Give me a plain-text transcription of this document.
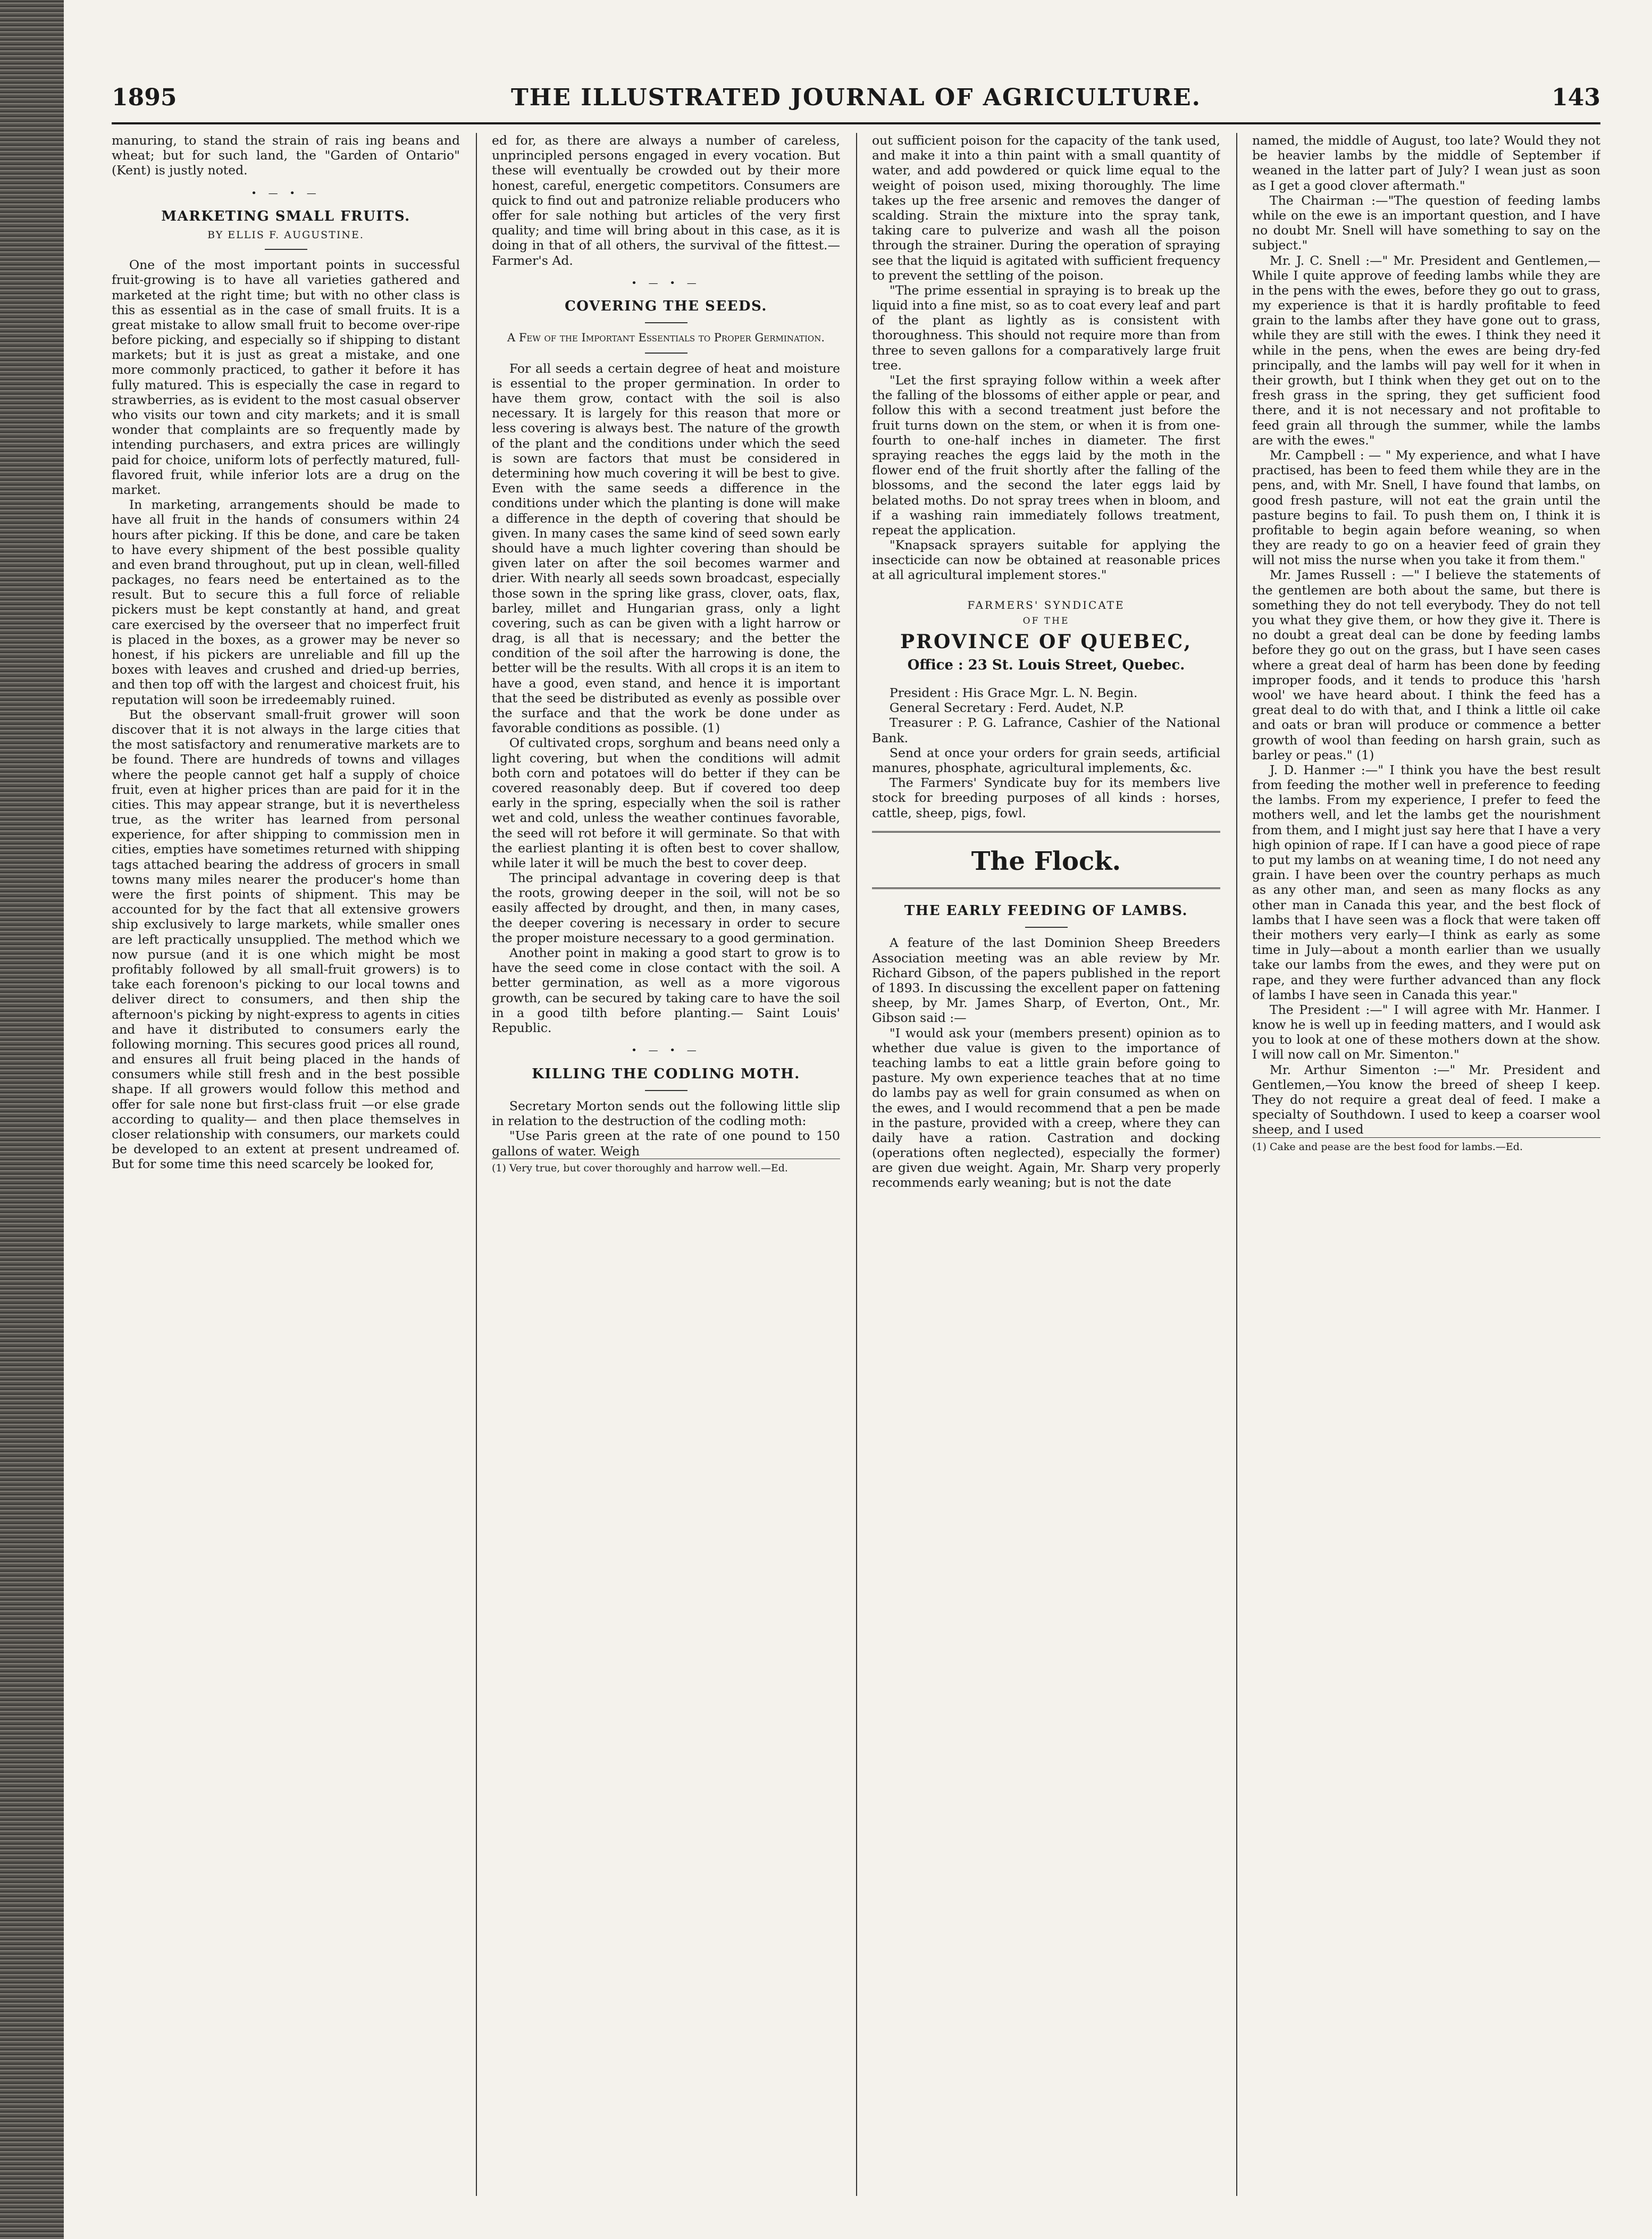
1895	THE ILLUSTRATED JOURNAL OF AGRICULTURE.	143

manuring, to stand the strain of rais ing beans and wheat; but for such land, the "Garden of Ontario" (Kent) is justly noted.

• — • —
MARKETING SMALL FRUITS.
BY ELLIS F. AUGUSTINE.

One of the most important points in successful fruit-growing is to have all varieties gathered and marketed at the right time; but with no other class is this as essential as in the case of small fruits. It is a great mistake to allow small fruit to become over-ripe before picking, and especially so if shipping to distant markets; but it is just as great a mistake, and one more commonly practiced, to gather it before it has fully matured. This is especially the case in regard to strawberries, as is evident to the most casual observer who visits our town and city markets; and it is small wonder that complaints are so frequently made by intending purchasers, and extra prices are willingly paid for choice, uniform lots of perfectly matured, full-flavored fruit, while inferior lots are a drug on the market.

In marketing, arrangements should be made to have all fruit in the hands of consumers within 24 hours after picking. If this be done, and care be taken to have every shipment of the best possible quality and even brand throughout, put up in clean, well-filled packages, no fears need be entertained as to the result. But to secure this a full force of reliable pickers must be kept constantly at hand, and great care exercised by the overseer that no imperfect fruit is placed in the boxes, as a grower may be never so honest, if his pickers are unreliable and fill up the boxes with leaves and crushed and dried-up berries, and then top off with the largest and choicest fruit, his reputation will soon be irredeemably ruined.

But the observant small-fruit grower will soon discover that it is not always in the large cities that the most satisfactory and renumerative markets are to be found. There are hundreds of towns and villages where the people cannot get half a supply of choice fruit, even at higher prices than are paid for it in the cities. This may appear strange, but it is nevertheless true, as the writer has learned from personal experience, for after shipping to commission men in cities, empties have sometimes returned with shipping tags attached bearing the address of grocers in small towns many miles nearer the producer's home than were the first points of shipment. This may be accounted for by the fact that all extensive growers ship exclusively to large markets, while smaller ones are left practically unsupplied. The method which we now pursue (and it is one which might be most profitably followed by all small-fruit growers) is to take each forenoon's picking to our local towns and deliver direct to consumers, and then ship the afternoon's picking by night-express to agents in cities and have it distributed to consumers early the following morning. This secures good prices all round, and ensures all fruit being placed in the hands of consumers while still fresh and in the best possible shape. If all growers would follow this method and offer for sale none but first-class fruit —or else grade according to quality— and then place themselves in closer relationship with consumers, our markets could be developed to an extent at present undreamed of. But for some time this need scarcely be looked for,

ed for, as there are always a number of careless, unprincipled persons engaged in every vocation. But these will eventually be crowded out by their more honest, careful, energetic competitors. Consumers are quick to find out and patronize reliable producers who offer for sale nothing but articles of the very first quality; and time will bring about in this case, as it is doing in that of all others, the survival of the fittest.—Farmer's Ad.

• — • —
COVERING THE SEEDS.
A Few of the Important Essentials to Proper Germination.

For all seeds a certain degree of heat and moisture is essential to the proper germination. In order to have them grow, contact with the soil is also necessary. It is largely for this reason that more or less covering is always best. The nature of the growth of the plant and the conditions under which the seed is sown are factors that must be considered in determining how much covering it will be best to give. Even with the same seeds a difference in the conditions under which the planting is done will make a difference in the depth of covering that should be given. In many cases the same kind of seed sown early should have a much lighter covering than should be given later on after the soil becomes warmer and drier. With nearly all seeds sown broadcast, especially those sown in the spring like grass, clover, oats, flax, barley, millet and Hungarian grass, only a light covering, such as can be given with a light harrow or drag, is all that is necessary; and the better the condition of the soil after the harrowing is done, the better will be the results. With all crops it is an item to have a good, even stand, and hence it is important that the seed be distributed as evenly as possible over the surface and that the work be done under as favorable conditions as possible. (1)

Of cultivated crops, sorghum and beans need only a light covering, but when the conditions will admit both corn and potatoes will do better if they can be covered reasonably deep. But if covered too deep early in the spring, especially when the soil is rather wet and cold, unless the weather continues favorable, the seed will rot before it will germinate. So that with the earliest planting it is often best to cover shallow, while later it will be much the best to cover deep.

The principal advantage in covering deep is that the roots, growing deeper in the soil, will not be so easily affected by drought, and then, in many cases, the deeper covering is necessary in order to secure the proper moisture necessary to a good germination.

Another point in making a good start to grow is to have the seed come in close contact with the soil. A better germination, as well as a more vigorous growth, can be secured by taking care to have the soil in a good tilth before planting.— Saint Louis' Republic.

• — • —
KILLING THE CODLING MOTH.

Secretary Morton sends out the following little slip in relation to the destruction of the codling moth:

"Use Paris green at the rate of one pound to 150 gallons of water. Weigh

(1) Very true, but cover thoroughly and harrow well.—Ed.

out sufficient poison for the capacity of the tank used, and make it into a thin paint with a small quantity of water, and add powdered or quick lime equal to the weight of poison used, mixing thoroughly. The lime takes up the free arsenic and removes the danger of scalding. Strain the mixture into the spray tank, taking care to pulverize and wash all the poison through the strainer. During the operation of spraying see that the liquid is agitated with sufficient frequency to prevent the settling of the poison.

"The prime essential in spraying is to break up the liquid into a fine mist, so as to coat every leaf and part of the plant as lightly as is consistent with thoroughness. This should not require more than from three to seven gallons for a comparatively large fruit tree.

"Let the first spraying follow within a week after the falling of the blossoms of either apple or pear, and follow this with a second treatment just before the fruit turns down on the stem, or when it is from one-fourth to one-half inches in diameter. The first spraying reaches the eggs laid by the moth in the flower end of the fruit shortly after the falling of the blossoms, and the second the later eggs laid by belated moths. Do not spray trees when in bloom, and if a washing rain immediately follows treatment, repeat the application.

"Knapsack sprayers suitable for applying the insecticide can now be obtained at reasonable prices at all agricultural implement stores."

FARMERS' SYNDICATE
OF THE
PROVINCE OF QUEBEC,
Office : 23 St. Louis Street, Quebec.

President : His Grace Mgr. L. N. Begin.

General Secretary : Ferd. Audet, N.P.

Treasurer : P. G. Lafrance, Cashier of the National Bank.

Send at once your orders for grain seeds, artificial manures, phosphate, agricultural implements, &c.

The Farmers' Syndicate buy for its members live stock for breeding purposes of all kinds : horses, cattle, sheep, pigs, fowl.

The Flock.
THE EARLY FEEDING OF LAMBS.

A feature of the last Dominion Sheep Breeders Association meeting was an able review by Mr. Richard Gibson, of the papers published in the report of 1893. In discussing the excellent paper on fattening sheep, by Mr. James Sharp, of Everton, Ont., Mr. Gibson said :—

"I would ask your (members present) opinion as to whether due value is given to the importance of teaching lambs to eat a little grain before going to pasture. My own experience teaches that at no time do lambs pay as well for grain consumed as when on the ewes, and I would recommend that a pen be made in the pasture, provided with a creep, where they can daily have a ration. Castration and docking (operations often neglected), especially the former) are given due weight. Again, Mr. Sharp very properly recommends early weaning; but is not the date

named, the middle of August, too late? Would they not be heavier lambs by the middle of September if weaned in the latter part of July? I wean just as soon as I get a good clover aftermath."

The Chairman :—"The question of feeding lambs while on the ewe is an important question, and I have no doubt Mr. Snell will have something to say on the subject."

Mr. J. C. Snell :—" Mr. President and Gentlemen,—While I quite approve of feeding lambs while they are in the pens with the ewes, before they go out to grass, my experience is that it is hardly profitable to feed grain to the lambs after they have gone out to grass, while they are still with the ewes. I think they need it while in the pens, when the ewes are being dry-fed principally, and the lambs will pay well for it when in their growth, but I think when they get out on to the fresh grass in the spring, they get sufficient food there, and it is not necessary and not profitable to feed grain all through the summer, while the lambs are with the ewes."

Mr. Campbell : — " My experience, and what I have practised, has been to feed them while they are in the pens, and, with Mr. Snell, I have found that lambs, on good fresh pasture, will not eat the grain until the pasture begins to fail. To push them on, I think it is profitable to begin again before weaning, so when they are ready to go on a heavier feed of grain they will not miss the nurse when you take it from them."

Mr. James Russell : —" I believe the statements of the gentlemen are both about the same, but there is something they do not tell everybody. They do not tell you what they give them, or how they give it. There is no doubt a great deal can be done by feeding lambs before they go out on the grass, but I have seen cases where a great deal of harm has been done by feeding improper foods, and it tends to produce this 'harsh wool' we have heard about. I think the feed has a great deal to do with that, and I think a little oil cake and oats or bran will produce or commence a better growth of wool than feeding on harsh grain, such as barley or peas." (1)

J. D. Hanmer :—" I think you have the best result from feeding the mother well in preference to feeding the lambs. From my experience, I prefer to feed the mothers well, and let the lambs get the nourishment from them, and I might just say here that I have a very high opinion of rape. If I can have a good piece of rape to put my lambs on at weaning time, I do not need any grain. I have been over the country perhaps as much as any other man, and seen as many flocks as any other man in Canada this year, and the best flock of lambs that I have seen was a flock that were taken off their mothers very early—I think as early as some time in July—about a month earlier than we usually take our lambs from the ewes, and they were put on rape, and they were further advanced than any flock of lambs I have seen in Canada this year."

The President :—" I will agree with Mr. Hanmer. I know he is well up in feeding matters, and I would ask you to look at one of these mothers down at the show. I will now call on Mr. Simenton."

Mr. Arthur Simenton :—" Mr. President and Gentlemen,—You know the breed of sheep I keep. They do not require a great deal of feed. I make a specialty of Southdown. I used to keep a coarser wool sheep, and I used

(1) Cake and pease are the best food for lambs.—Ed.
